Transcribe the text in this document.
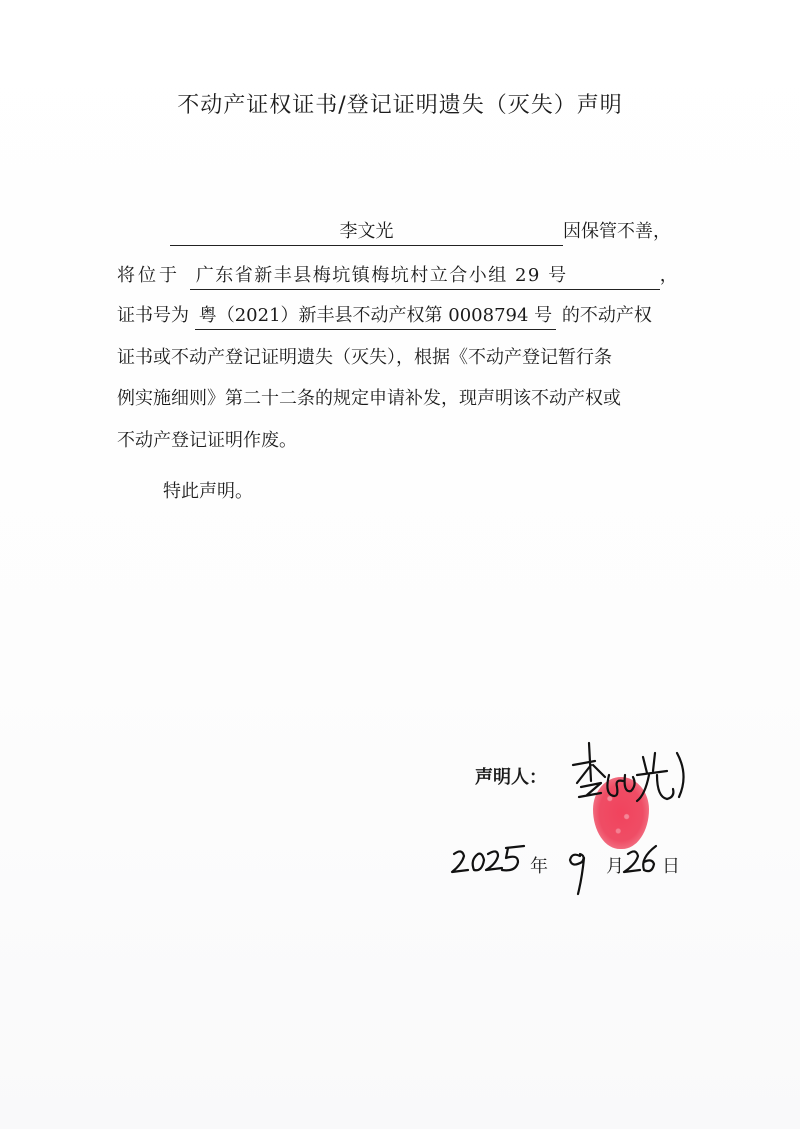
不动产证权证书/登记证明遗失（灭失）声明
李文光	因保管不善，
将位于 广东省新丰县梅坑镇梅坑村立合小组 29 号	，
证书号为 粤（2021）新丰县不动产权第 0008794 号 的不动产权
证书或不动产登记证明遗失（灭失），根据《不动产登记暂行条
例实施细则》第二十二条的规定申请补发，现声明该不动产权或
不动产登记证明作废。
特此声明。
声明人：
年	月 日
